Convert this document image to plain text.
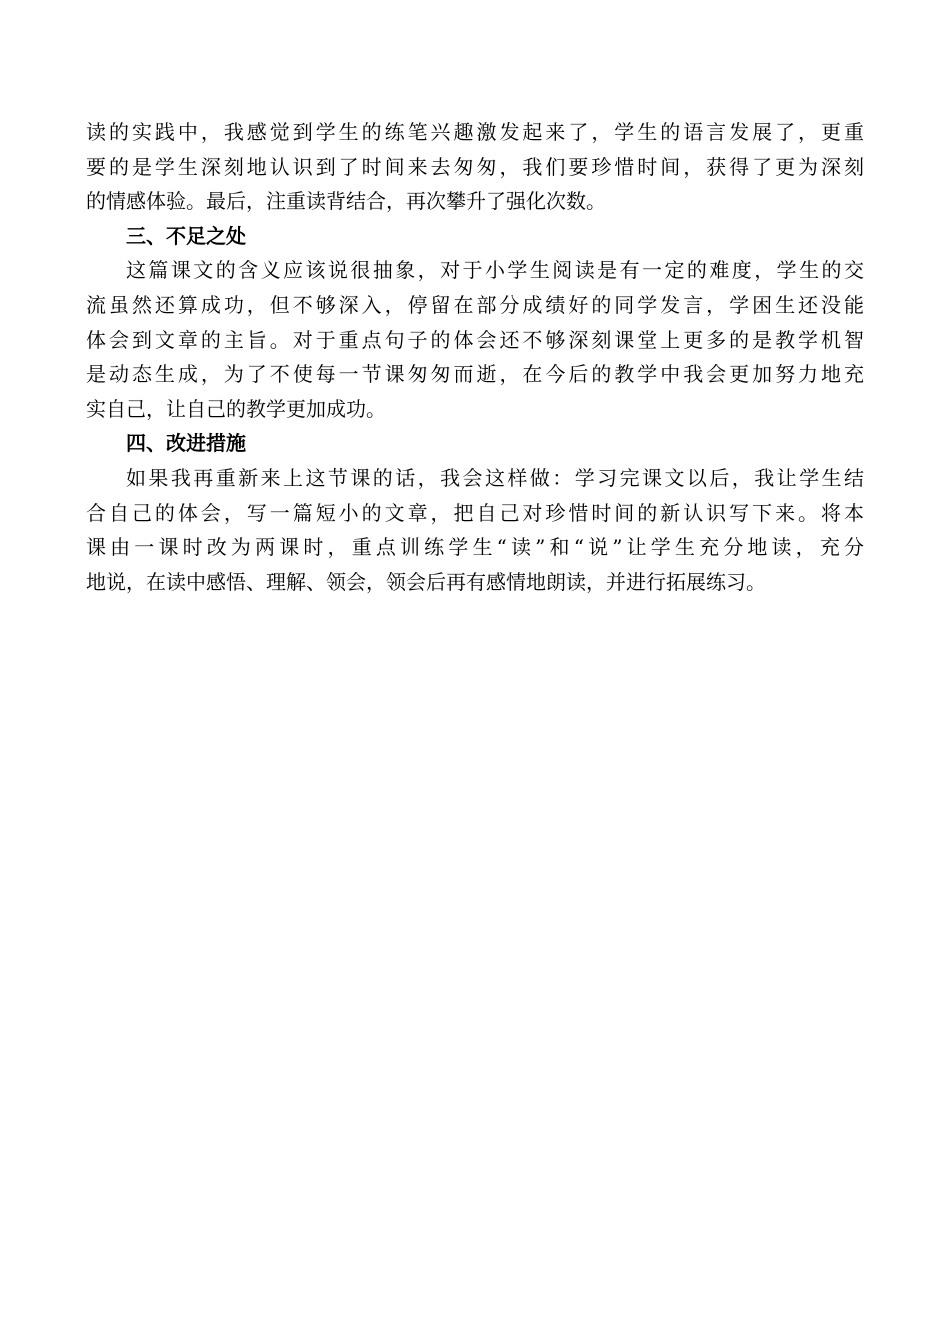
读的实践中，我感觉到学生的练笔兴趣激发起来了，学生的语言发展了，更重
要的是学生深刻地认识到了时间来去匆匆，我们要珍惜时间，获得了更为深刻
的情感体验。最后，注重读背结合，再次攀升了强化次数。
三、不足之处
这篇课文的含义应该说很抽象，对于小学生阅读是有一定的难度，学生的交
流虽然还算成功，但不够深入，停留在部分成绩好的同学发言，学困生还没能
体会到文章的主旨。对于重点句子的体会还不够深刻课堂上更多的是教学机智
是动态生成，为了不使每一节课匆匆而逝，在今后的教学中我会更加努力地充
实自己，让自己的教学更加成功。
四、改进措施
如果我再重新来上这节课的话，我会这样做：学习完课文以后，我让学生结
合自己的体会，写一篇短小的文章，把自己对珍惜时间的新认识写下来。将本
课由一课时改为两课时，重点训练学生“读”和“说”让学生充分地读，充分
地说，在读中感悟、理解、领会，领会后再有感情地朗读，并进行拓展练习。
